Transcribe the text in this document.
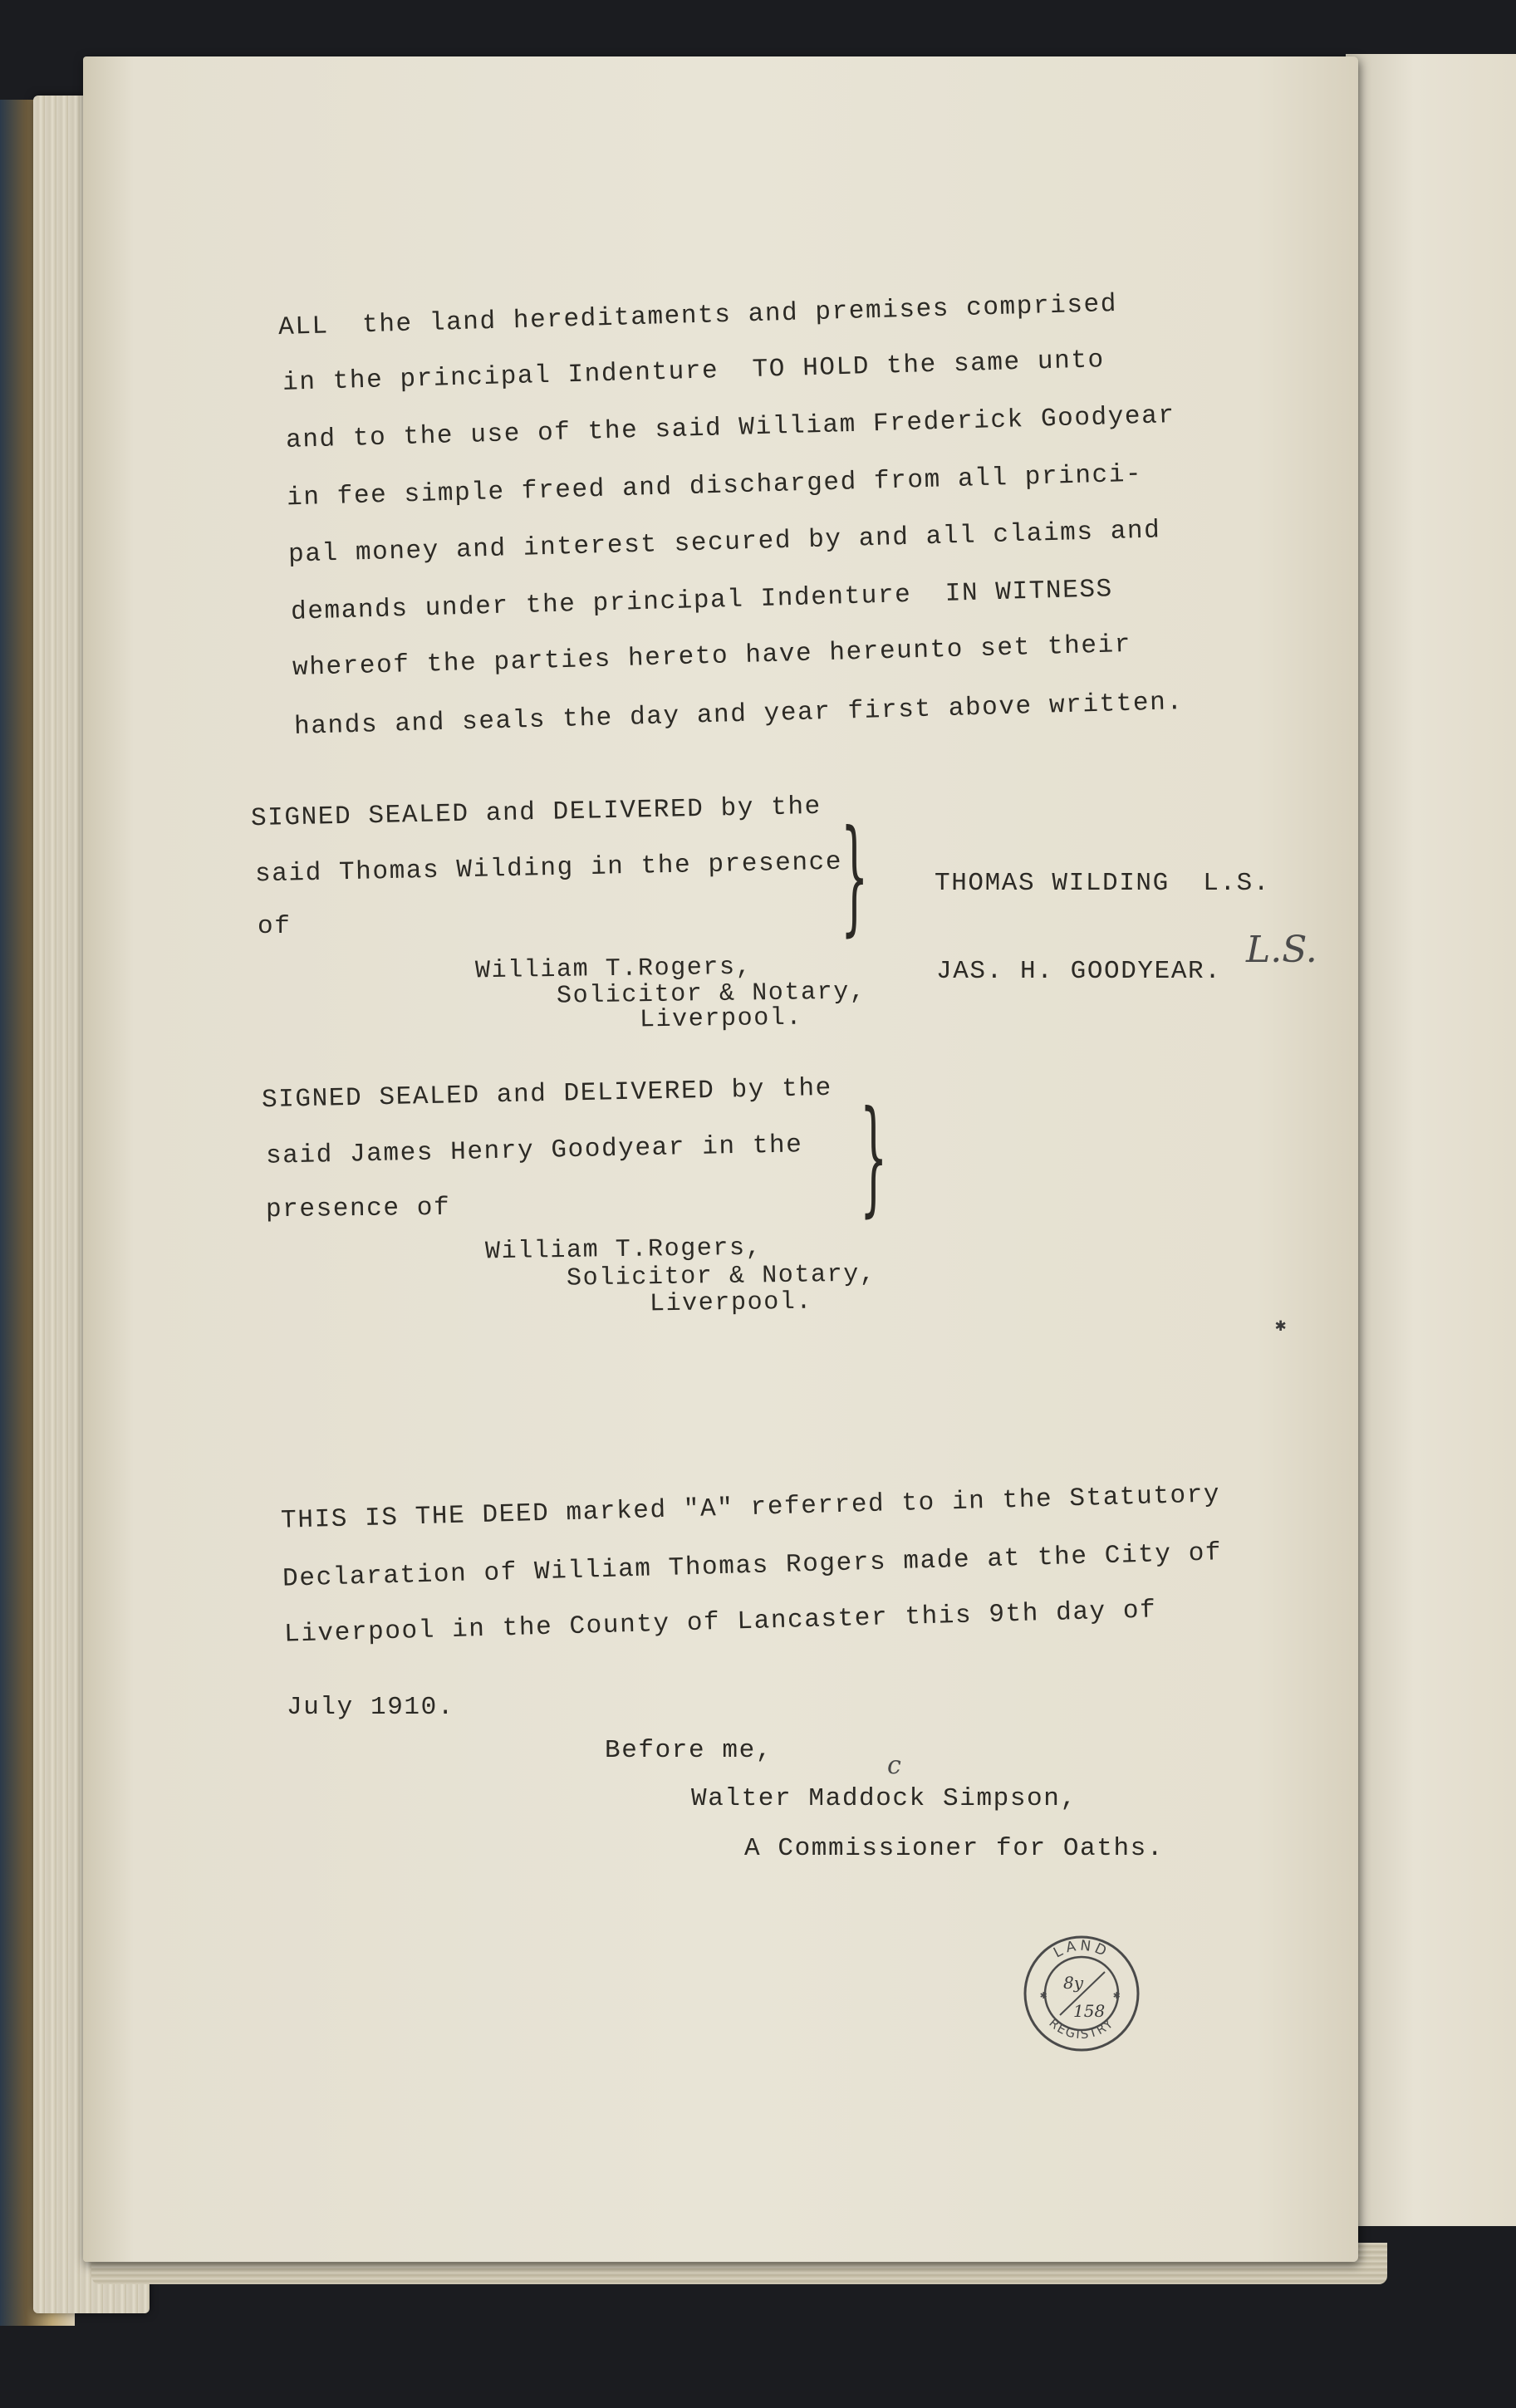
ALL  the land hereditaments and premises comprised
in the principal Indenture  TO HOLD the same unto
and to the use of the said William Frederick Goodyear
in fee simple freed and discharged from all princi-
pal money and interest secured by and all claims and
demands under the principal Indenture  IN WITNESS
whereof the parties hereto have hereunto set their
hands and seals the day and year first above written.
SIGNED SEALED and DELIVERED by the
said Thomas Wilding in the presence
of	}
William T.Rogers,
Solicitor & Notary,
Liverpool.
THOMAS WILDING  L.S.
JAS. H. GOODYEAR.
L.S.
SIGNED SEALED and DELIVERED by the
said James Henry Goodyear in the
presence of	}
William T.Rogers,
Solicitor & Notary,
Liverpool.
✱
THIS IS THE DEED marked "A" referred to in the Statutory
Declaration of William Thomas Rogers made at the City of
Liverpool in the County of Lancaster this 9th day of
July 1910.
Before me,
Walter Maddock Simpson,
c
A Commissioner for Oaths.
LAND
REGISTRY
✱	✱
8y
158
